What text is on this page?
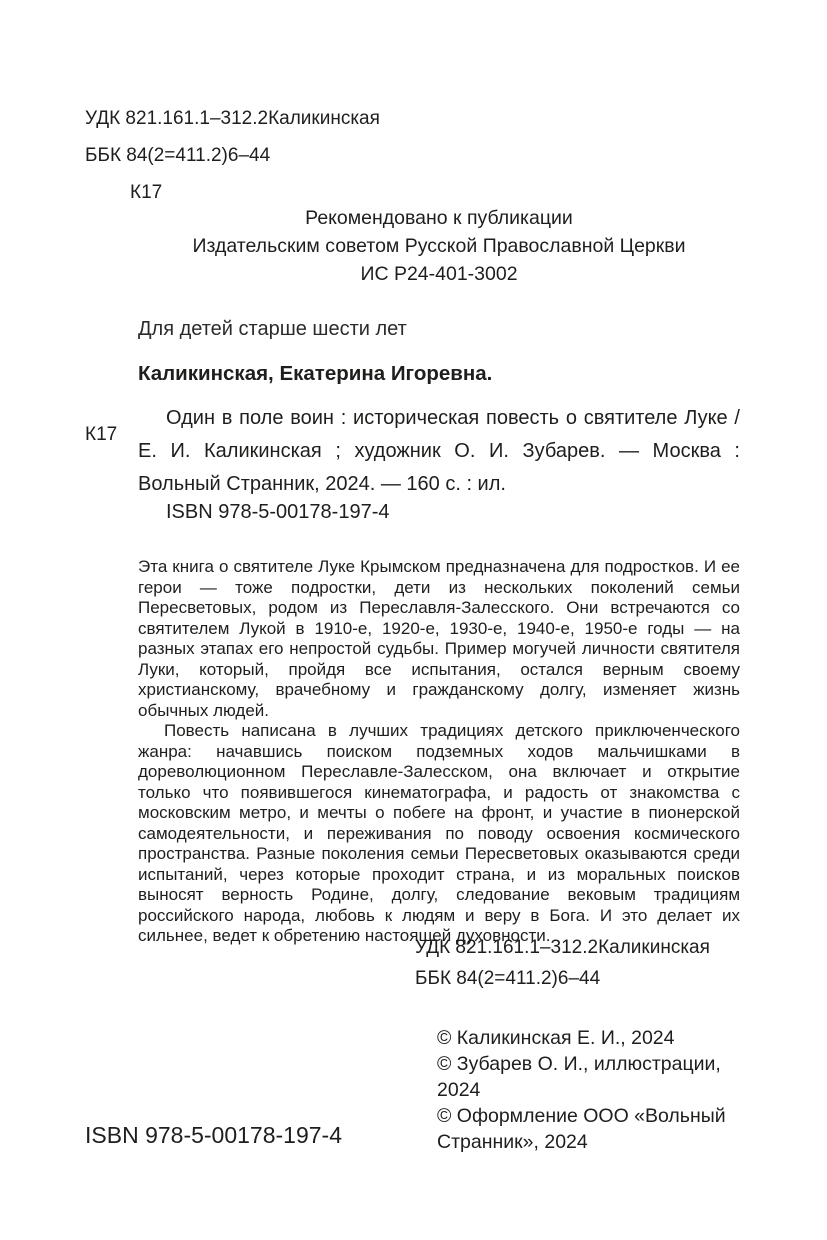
УДК 821.161.1–312.2Каликинская
ББК 84(2=411.2)6–44
К17
Рекомендовано к публикации
Издательским советом Русской Православной Церкви
ИС Р24-401-3002
Для детей старше шести лет
Каликинская, Екатерина Игоревна.
К17
Один в поле воин : историческая повесть о святителе Луке / Е. И. Каликинская ; художник О. И. Зубарев. — Москва : Вольный Странник, 2024. — 160 с. : ил.
ISBN 978-5-00178-197-4

Эта книга о святителе Луке Крымском предназначена для подростков. И ее герои — тоже подростки, дети из нескольких поколений семьи Пересветовых, родом из Переславля-Залесского. Они встречаются со святителем Лукой в 1910-е, 1920-е, 1930-е, 1940-е, 1950-е годы — на разных этапах его непростой судьбы. Пример могучей личности святителя Луки, который, пройдя все испытания, остался верным своему христианскому, врачебному и гражданскому долгу, изменяет жизнь обычных людей.

Повесть написана в лучших традициях детского приключенческого жанра: начавшись поиском подземных ходов мальчишками в дореволюционном Переславле-Залесском, она включает и открытие только что появившегося кинематографа, и радость от знакомства с московским метро, и мечты о побеге на фронт, и участие в пионерской самодеятельности, и переживания по поводу освоения космического пространства. Разные поколения семьи Пересветовых оказываются среди испытаний, через которые проходит страна, и из моральных поисков выносят верность Родине, долгу, следование вековым традициям российского народа, любовь к людям и веру в Бога. И это делает их сильнее, ведет к обретению настоящей духовности.

УДК 821.161.1–312.2Каликинская
ББК 84(2=411.2)6–44
© Каликинская Е. И., 2024
© Зубарев О. И., иллюстрации, 2024
© Оформление ООО «Вольный Странник», 2024
ISBN 978-5-00178-197-4
